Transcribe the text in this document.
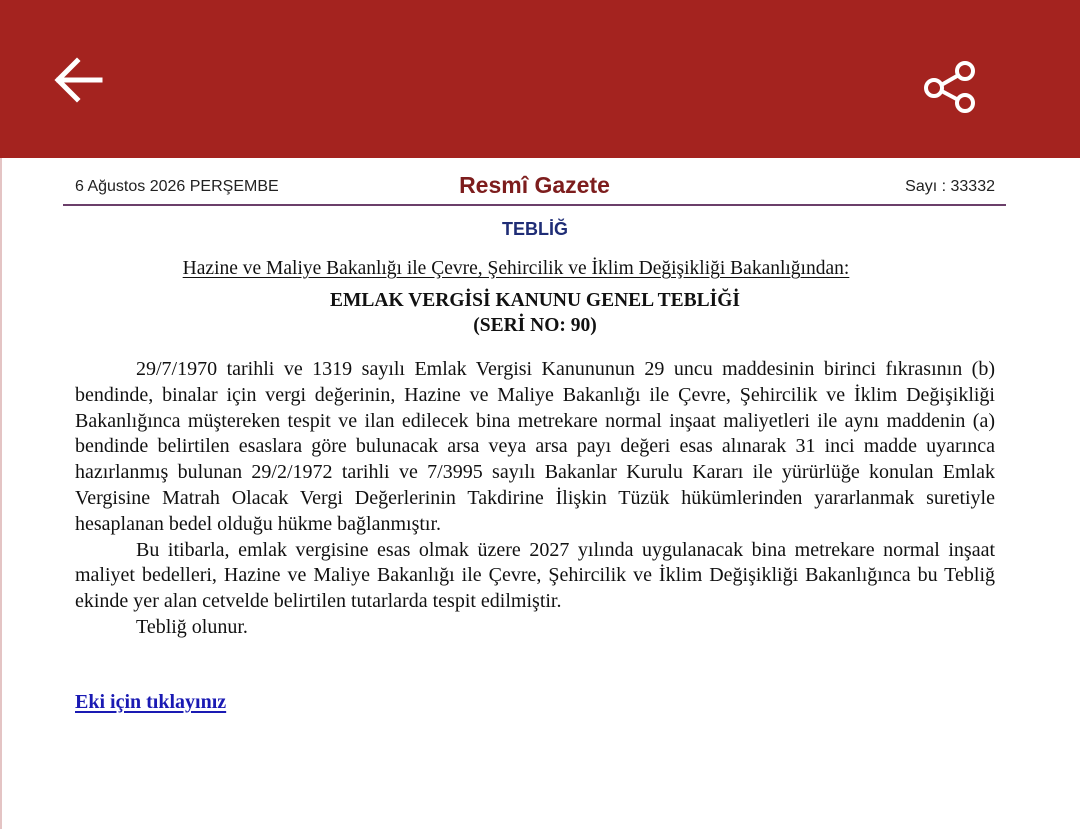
6 Ağustos 2026 PERŞEMBE	Resmî Gazete	Sayı : 33332
TEBLİĞ
Hazine ve Maliye Bakanlığı ile Çevre, Şehircilik ve İklim Değişikliği Bakanlığından:
EMLAK VERGİSİ KANUNU GENEL TEBLİĞİ
(SERİ NO: 90)

29/7/1970 tarihli ve 1319 sayılı Emlak Vergisi Kanununun 29 uncu maddesinin birinci fıkrasının (b) bendinde, binalar için vergi değerinin, Hazine ve Maliye Bakanlığı ile Çevre, Şehircilik ve İklim Değişikliği Bakanlığınca müştereken tespit ve ilan edilecek bina metrekare normal inşaat maliyetleri ile aynı maddenin (a) bendinde belirtilen esaslara göre bulunacak arsa veya arsa payı değeri esas alınarak 31 inci madde uyarınca hazırlanmış bulunan 29/2/1972 tarihli ve 7/3995 sayılı Bakanlar Kurulu Kararı ile yürürlüğe konulan Emlak Vergisine Matrah Olacak Vergi Değerlerinin Takdirine İlişkin Tüzük hükümlerinden yararlanmak suretiyle hesaplanan bedel olduğu hükme bağlanmıştır.

Bu itibarla, emlak vergisine esas olmak üzere 2027 yılında uygulanacak bina metrekare normal inşaat maliyet bedelleri, Hazine ve Maliye Bakanlığı ile Çevre, Şehircilik ve İklim Değişikliği Bakanlığınca bu Tebliğ ekinde yer alan cetvelde belirtilen tutarlarda tespit edilmiştir.

Tebliğ olunur.

Eki için tıklayınız
